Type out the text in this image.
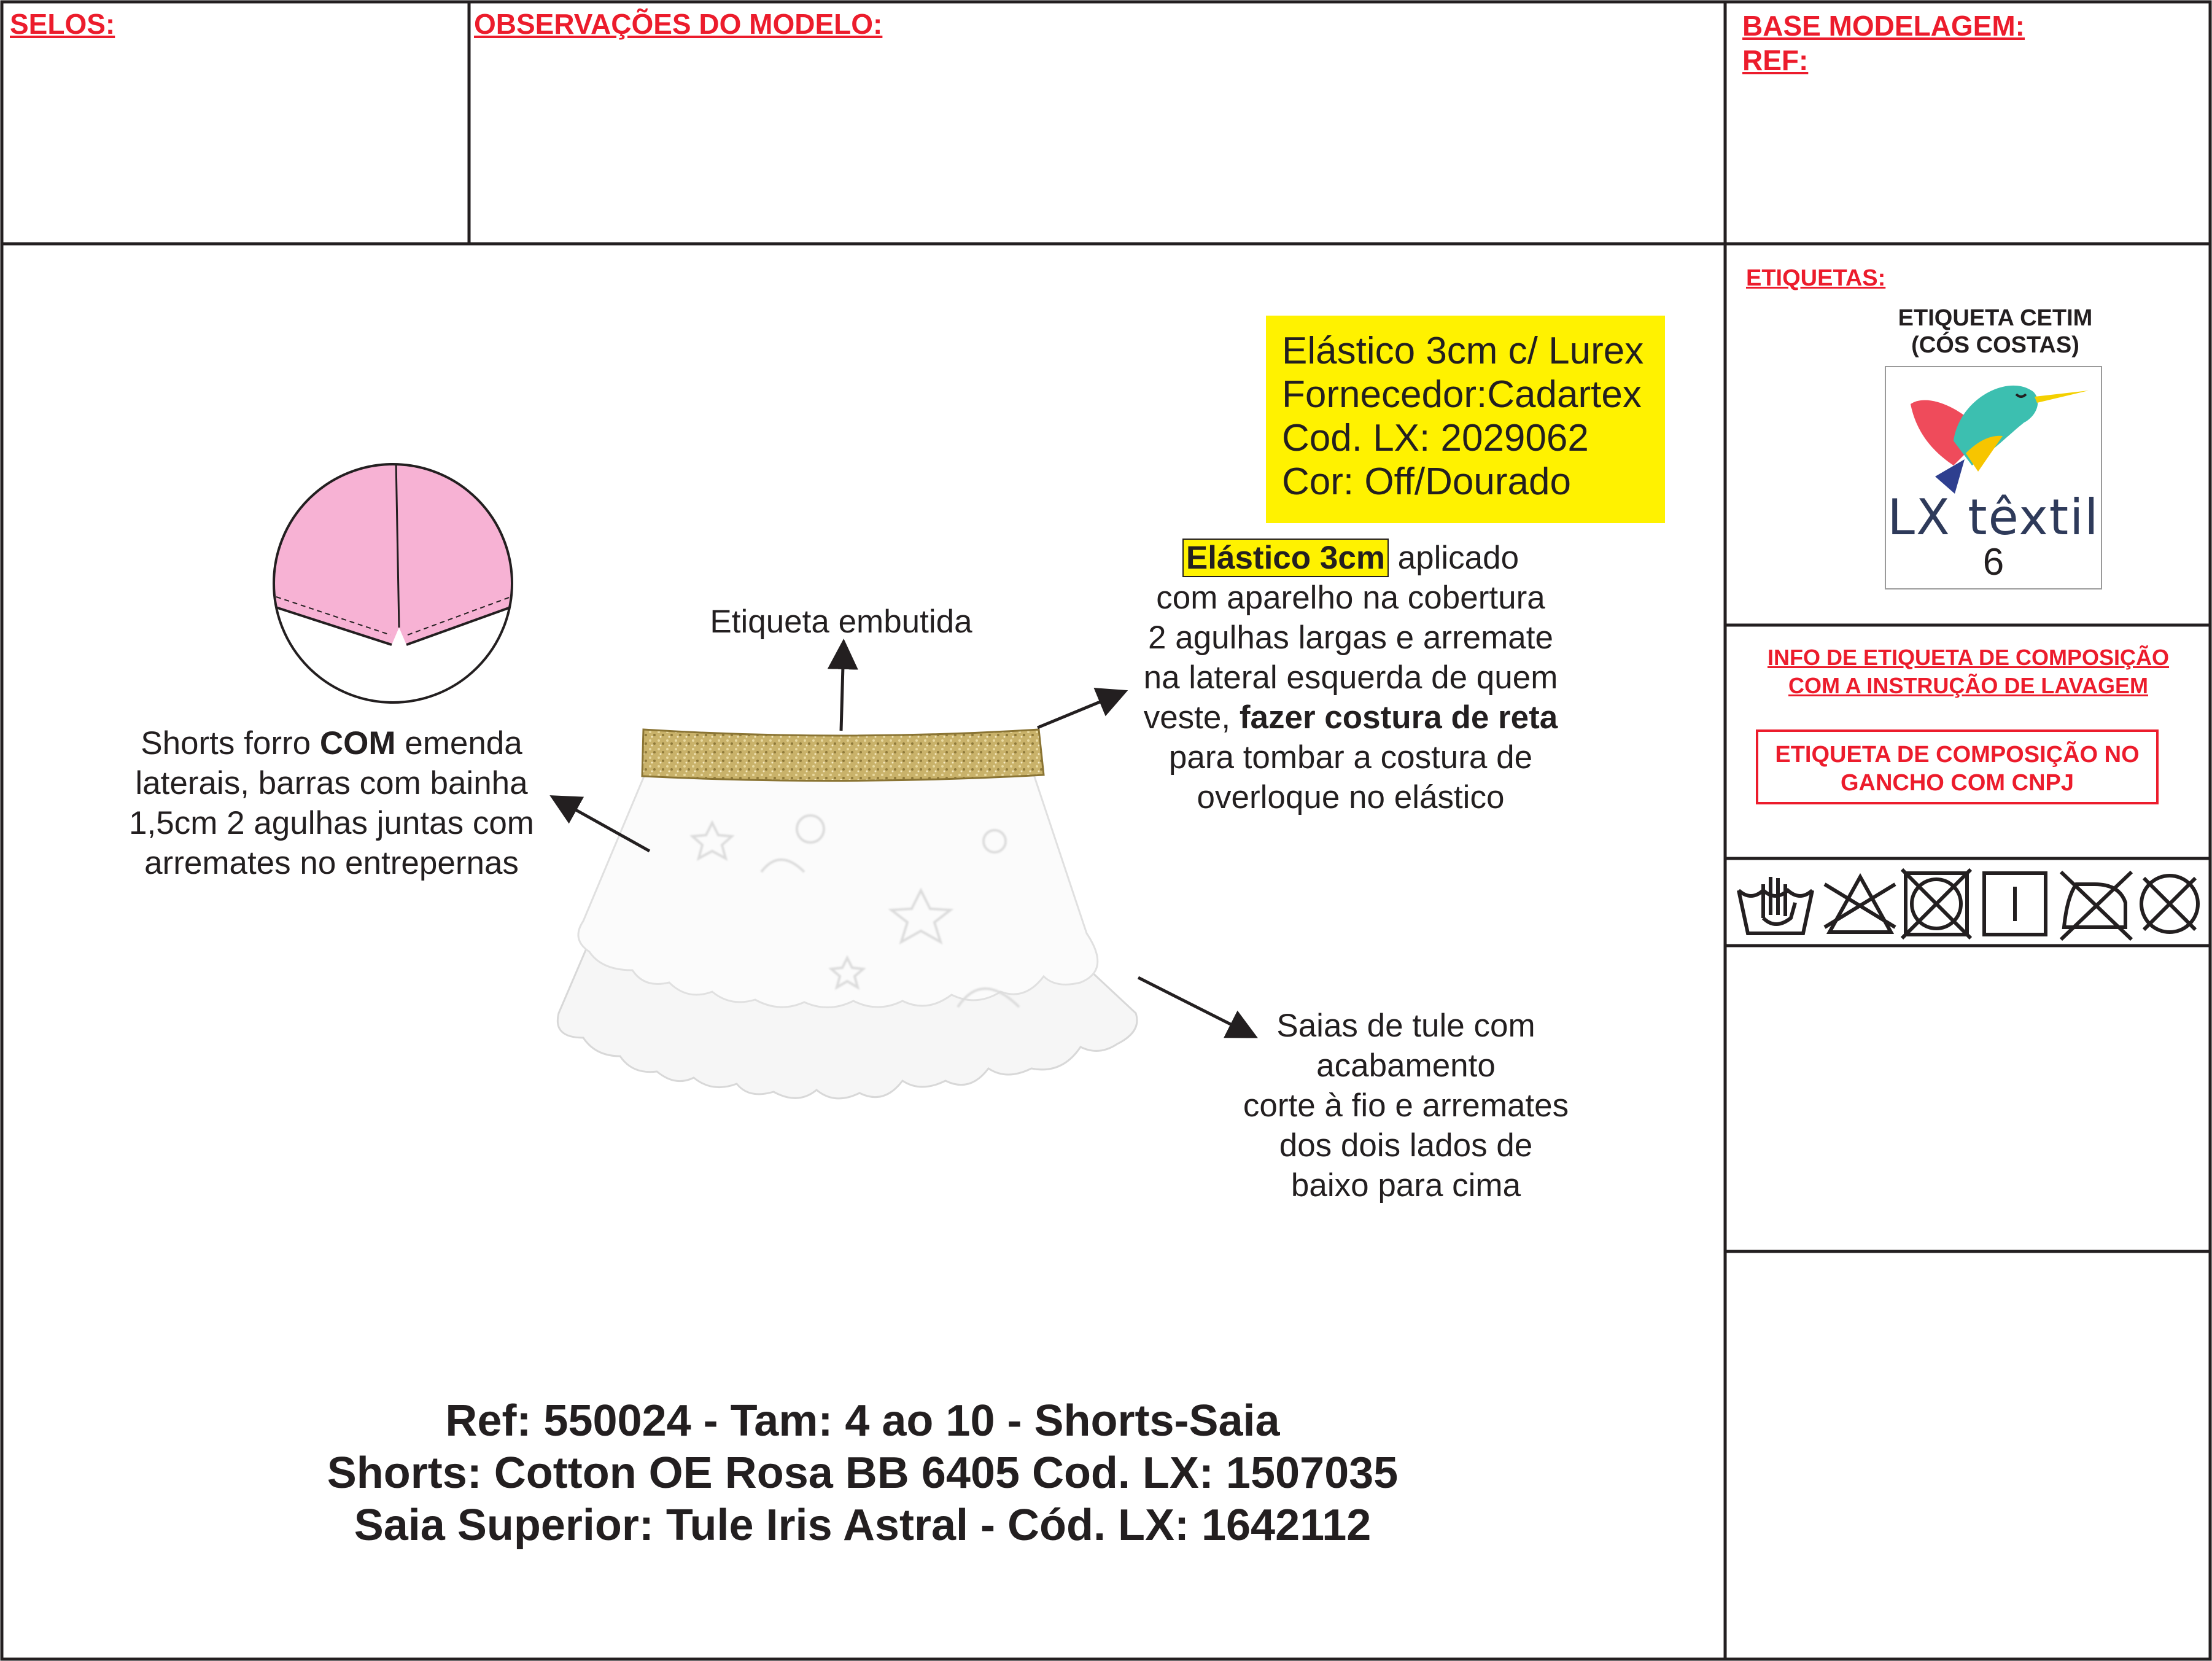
SELOS:	OBSERVAÇÕES DO MODELO:	BASE MODELAGEM:
REF:
ETIQUETAS:
ETIQUETA CETIM
(CÓS COSTAS)
LX têxtil
6
INFO DE ETIQUETA DE COMPOSIÇÃO
COM A INSTRUÇÃO DE LAVAGEM
ETIQUETA DE COMPOSIÇÃO NO
GANCHO COM CNPJ
Elástico 3cm c/ Lurex
Fornecedor:Cadartex
Cod. LX: 2029062
Cor: Off/Dourado
Etiqueta embutida
Elástico 3cm aplicado
com aparelho na cobertura
2 agulhas largas e arremate
na lateral esquerda de quem
veste, fazer costura de reta
para tombar a costura de
overloque no elástico
Shorts forro COM emenda
laterais, barras com bainha
1,5cm 2 agulhas juntas com
arremates no entrepernas
Saias de tule com
acabamento
corte à fio e arremates
dos dois lados de
baixo para cima
Ref: 550024 - Tam: 4 ao 10 - Shorts-Saia
Shorts: Cotton OE Rosa BB 6405 Cod. LX: 1507035
Saia Superior: Tule Iris Astral - Cód. LX: 1642112
